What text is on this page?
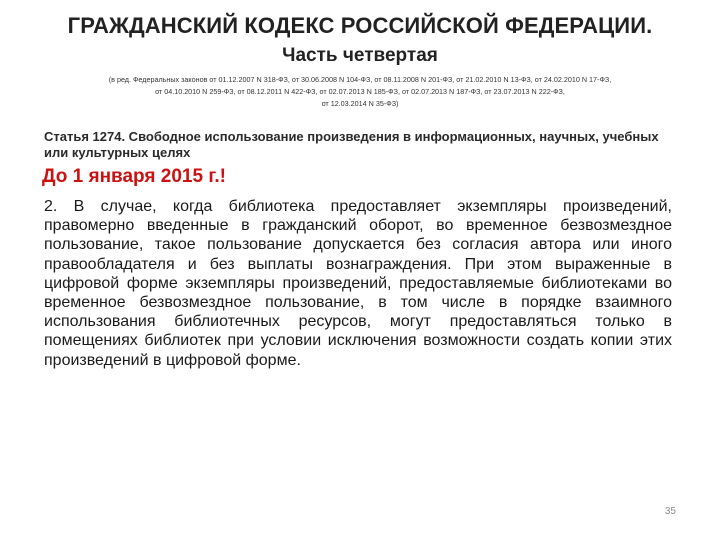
ГРАЖДАНСКИЙ КОДЕКС РОССИЙСКОЙ ФЕДЕРАЦИИ.
Часть четвертая
(в ред. Федеральных законов от 01.12.2007 N 318-ФЗ, от 30.06.2008 N 104-ФЗ, от 08.11.2008 N 201-ФЗ, от 21.02.2010 N 13-ФЗ, от 24.02.2010 N 17-ФЗ,
от 04.10.2010 N 259-ФЗ, от 08.12.2011 N 422-ФЗ, от 02.07.2013 N 185-ФЗ, от 02.07.2013 N 187-ФЗ, от 23.07.2013 N 222-ФЗ,
от 12.03.2014 N 35-ФЗ)
Статья 1274. Свободное использование произведения в информационных, научных, учебных или культурных целях
До 1 января 2015 г.!
2. В случае, когда библиотека предоставляет экземпляры произведений, правомерно введенные в гражданский оборот, во временное безвозмездное пользование, такое пользование допускается без согласия автора или иного правообладателя и без выплаты вознаграждения. При этом выраженные в цифровой форме экземпляры произведений, предоставляемые библиотеками во временное безвозмездное пользование, в том числе в порядке взаимного использования библиотечных ресурсов, могут предоставляться только в помещениях библиотек при условии исключения возможности создать копии этих произведений в цифровой форме.
35
